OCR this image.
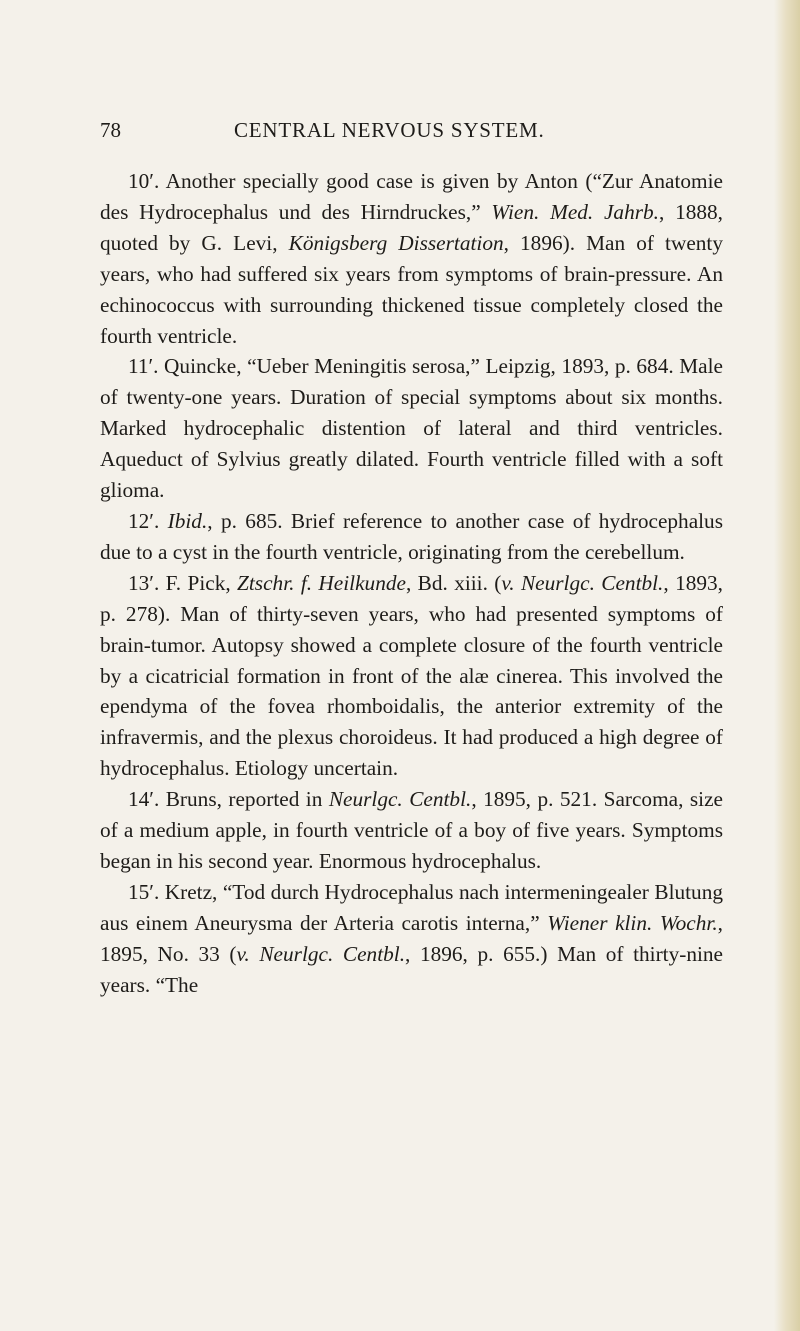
78	CENTRAL NERVOUS SYSTEM.

10′. Another specially good case is given by Anton (“Zur Anatomie des Hydrocephalus und des Hirndruckes,” Wien. Med. Jahrb., 1888, quoted by G. Levi, Königsberg Dissertation, 1896). Man of twenty years, who had suffered six years from symptoms of brain-pressure. An echinococcus with surrounding thickened tissue completely closed the fourth ventricle.

11′. Quincke, “Ueber Meningitis serosa,” Leipzig, 1893, p. 684. Male of twenty-one years. Duration of special symptoms about six months. Marked hydrocephalic distention of lateral and third ventricles. Aqueduct of Sylvius greatly dilated. Fourth ventricle filled with a soft glioma.

12′. Ibid., p. 685. Brief reference to another case of hydrocephalus due to a cyst in the fourth ventricle, originating from the cerebellum.

13′. F. Pick, Ztschr. f. Heilkunde, Bd. xiii. (v. Neurlgc. Centbl., 1893, p. 278). Man of thirty-seven years, who had presented symptoms of brain-tumor. Autopsy showed a complete closure of the fourth ventricle by a cicatricial formation in front of the alæ cinerea. This involved the ependyma of the fovea rhomboidalis, the anterior extremity of the infravermis, and the plexus choroideus. It had produced a high degree of hydrocephalus. Etiology uncertain.

14′. Bruns, reported in Neurlgc. Centbl., 1895, p. 521. Sarcoma, size of a medium apple, in fourth ventricle of a boy of five years. Symptoms began in his second year. Enormous hydrocephalus.

15′. Kretz, “Tod durch Hydrocephalus nach intermeningealer Blutung aus einem Aneurysma der Arteria carotis interna,” Wiener klin. Wochr., 1895, No. 33 (v. Neurlgc. Centbl., 1896, p. 655.) Man of thirty-nine years. “The
